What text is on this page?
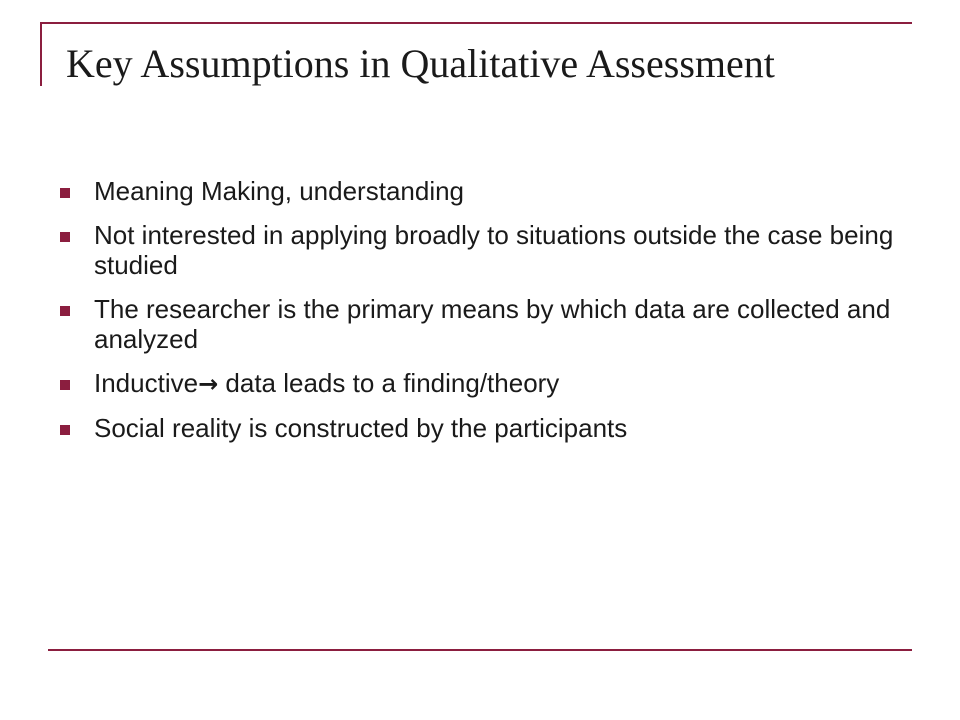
Key Assumptions in Qualitative Assessment
Meaning Making, understanding
Not interested in applying broadly to situations outside the case being studied
The researcher is the primary means by which data are collected and analyzed
Inductive→ data leads to a finding/theory
Social reality is constructed by the participants
